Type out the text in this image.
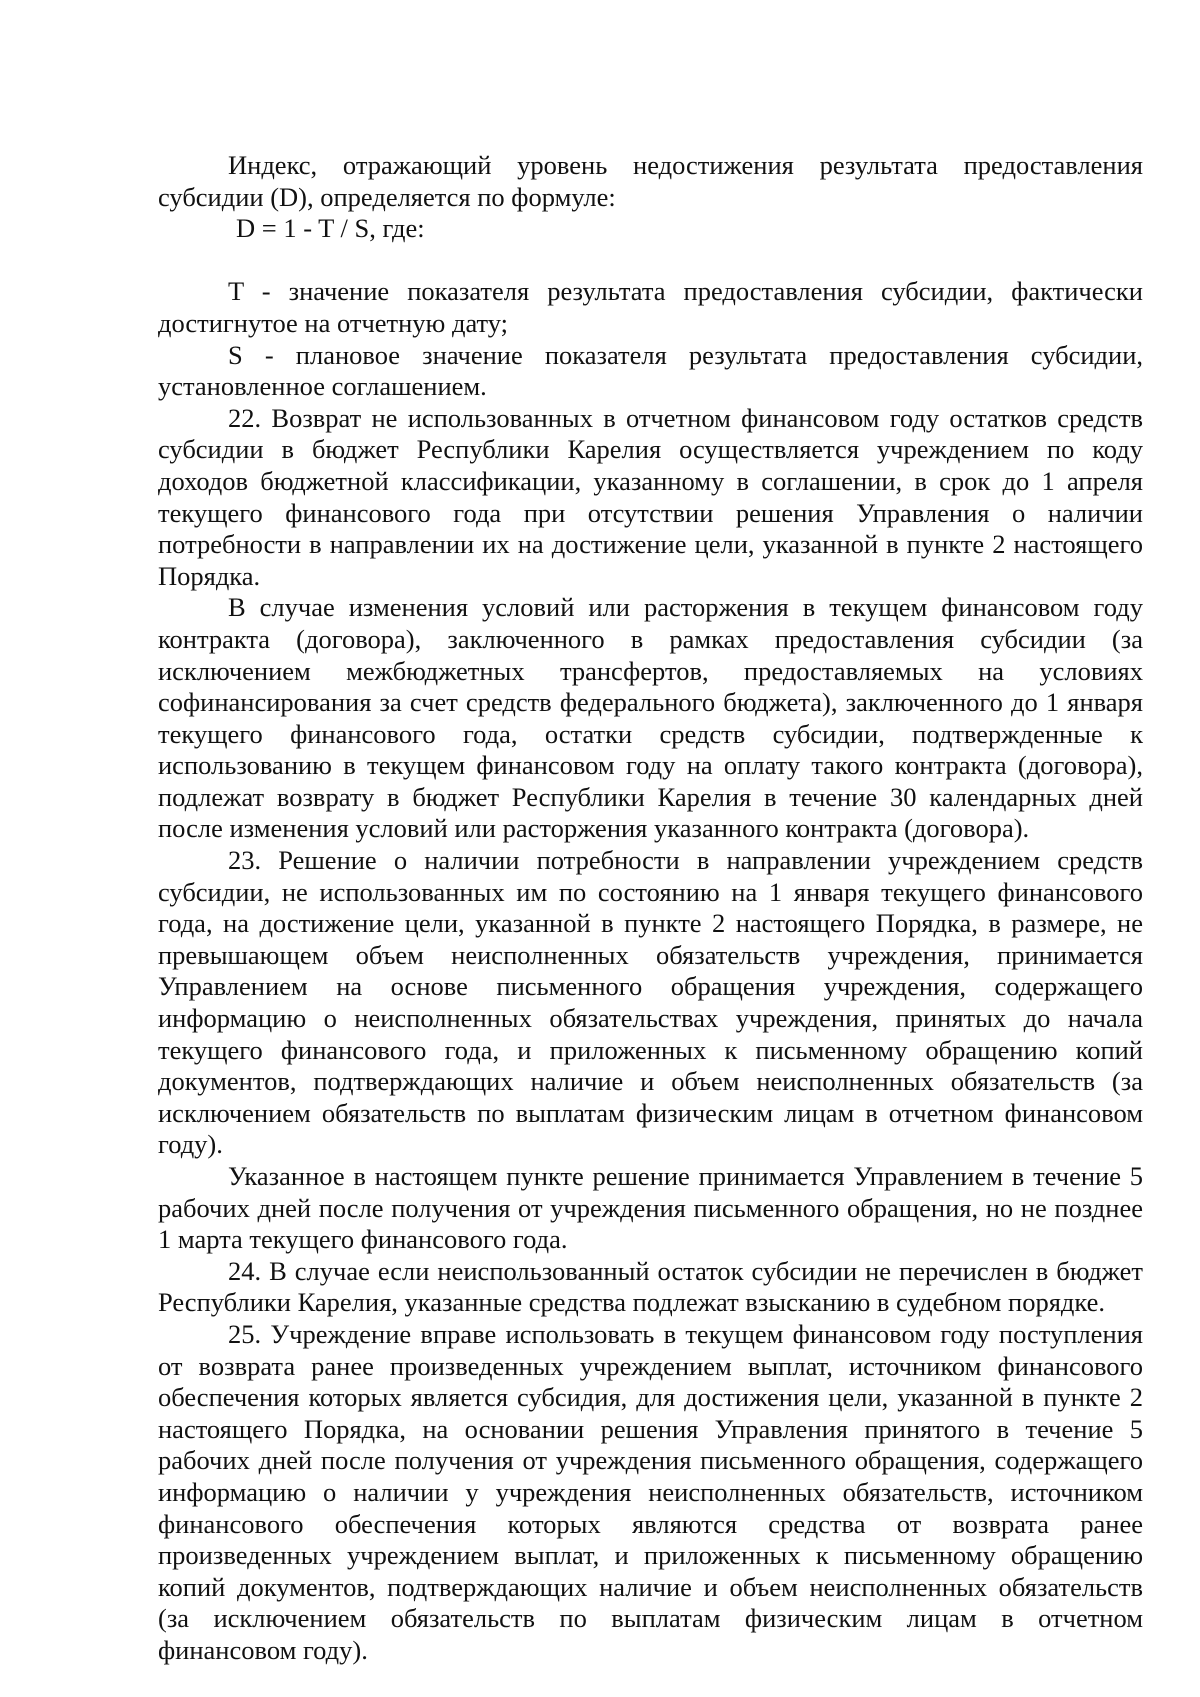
Индекс, отражающий уровень недостижения результата предоставления субсидии (D), определяется по формуле:

D = 1 - T / S, где:

T - значение показателя результата предоставления субсидии, фактически достигнутое на отчетную дату;

S - плановое значение показателя результата предоставления субсидии, установленное соглашением.

22. Возврат не использованных в отчетном финансовом году остатков средств субсидии в бюджет Республики Карелия осуществляется учреждением по коду доходов бюджетной классификации, указанному в соглашении, в срок до 1 апреля текущего финансового года при отсутствии решения Управления о наличии потребности в направлении их на достижение цели, указанной в пункте 2 настоящего Порядка.

В случае изменения условий или расторжения в текущем финансовом году контракта (договора), заключенного в рамках предоставления субсидии (за исключением межбюджетных трансфертов, предоставляемых на условиях софинансирования за счет средств федерального бюджета), заключенного до 1 января текущего финансового года, остатки средств субсидии, подтвержденные к использованию в текущем финансовом году на оплату такого контракта (договора), подлежат возврату в бюджет Республики Карелия в течение 30 календарных дней после изменения условий или расторжения указанного контракта (договора).

23. Решение о наличии потребности в направлении учреждением средств субсидии, не использованных им по состоянию на 1 января текущего финансового года, на достижение цели, указанной в пункте 2 настоящего Порядка, в размере, не превышающем объем неисполненных обязательств учреждения, принимается Управлением на основе письменного обращения учреждения, содержащего информацию о неисполненных обязательствах учреждения, принятых до начала текущего финансового года, и приложенных к письменному обращению копий документов, подтверждающих наличие и объем неисполненных обязательств (за исключением обязательств по выплатам физическим лицам в отчетном финансовом году).

Указанное в настоящем пункте решение принимается Управлением в течение 5 рабочих дней после получения от учреждения письменного обращения, но не позднее 1 марта текущего финансового года.

24. В случае если неиспользованный остаток субсидии не перечислен в бюджет Республики Карелия, указанные средства подлежат взысканию в судебном порядке.

25. Учреждение вправе использовать в текущем финансовом году поступления от возврата ранее произведенных учреждением выплат, источником финансового обеспечения которых является субсидия, для достижения цели, указанной в пункте 2 настоящего Порядка, на основании решения Управления принятого в течение 5 рабочих дней после получения от учреждения письменного обращения, содержащего информацию о наличии у учреждения неисполненных обязательств, источником финансового обеспечения которых являются средства от возврата ранее произведенных учреждением выплат, и приложенных к письменному обращению копий документов, подтверждающих наличие и объем неисполненных обязательств (за исключением обязательств по выплатам физическим лицам в отчетном финансовом году).
